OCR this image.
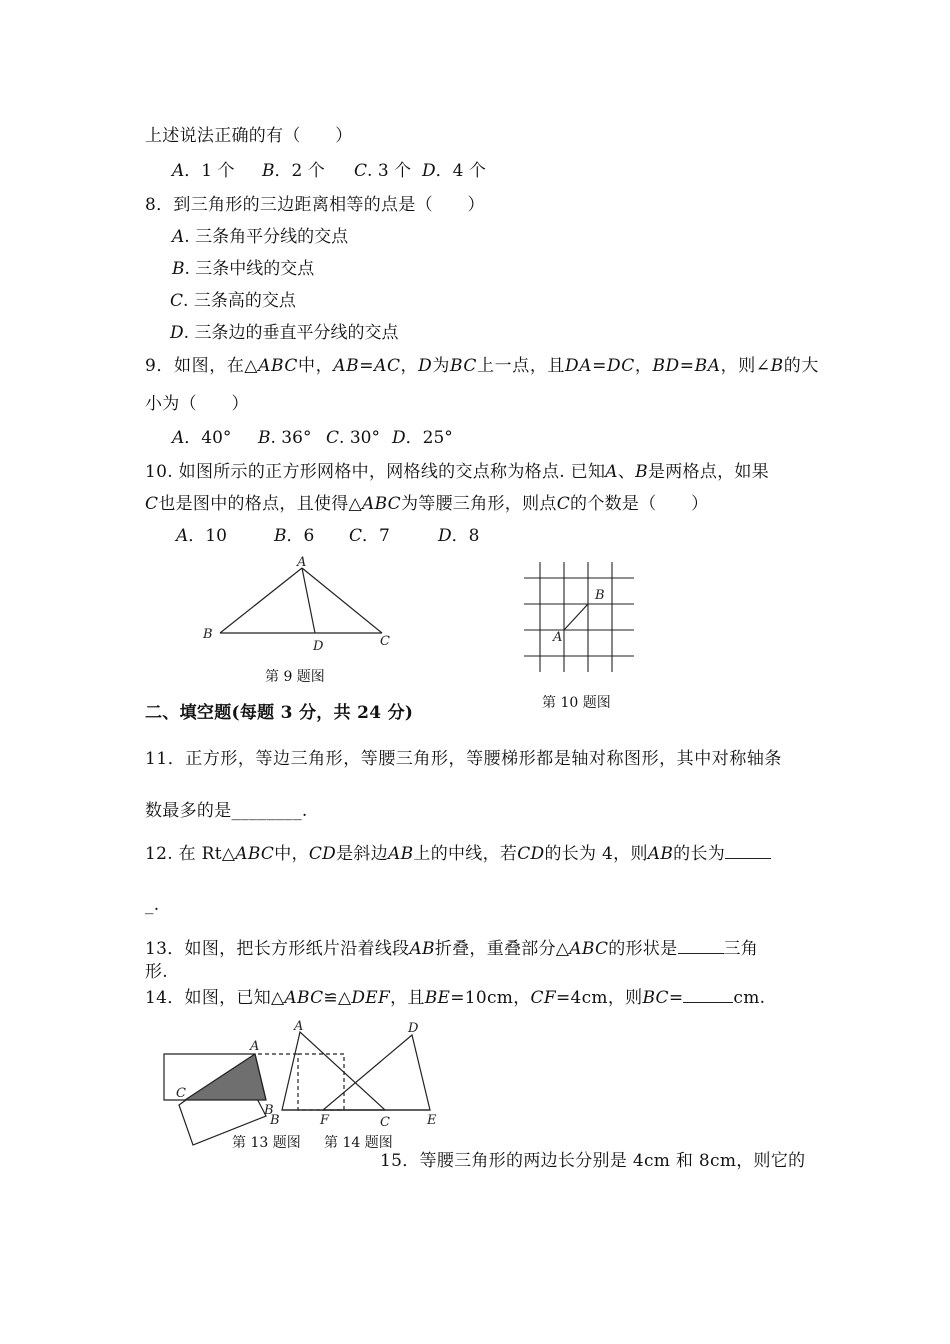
上述说法正确的有（　　）
A．1 个 B．2 个 C. 3 个 D．4 个
8．到三角形的三边距离相等的点是（　　）
A. 三条角平分线的交点
B. 三条中线的交点
C. 三条高的交点
D. 三条边的垂直平分线的交点
9．如图，在△ABC中，AB=AC，D为BC上一点，且DA=DC，BD=BA，则∠B的大
小为（　　）
A．40° B. 36° C. 30° D．25°
10. 如图所示的正方形网格中，网格线的交点称为格点. 已知A、B是两格点，如果
C也是图中的格点，且使得△ABC为等腰三角形，则点C的个数是（　　）
A．10	B．6 C．7	D．8
A
B	C
D
第 9 题图
A
B
第 10 题图
二、填空题(每题 3 分，共 24 分)
11．正方形，等边三角形，等腰三角形，等腰梯形都是轴对称图形，其中对称轴条
数最多的是________.
12. 在 Rt△ABC中，CD是斜边AB上的中线，若CD的长为 4，则AB的长为
_.
13．如图，把长方形纸片沿着线段AB折叠，重叠部分△ABC的形状是	三角
形.
14．如图，已知△ABC≌△DEF，且BE=10cm，CF=4cm，则BC=	cm.
A
C
B
A
B	F	C
D
E
第 13 题图 第 14 题图
15．等腰三角形的两边长分别是 4cm 和 8cm，则它的
